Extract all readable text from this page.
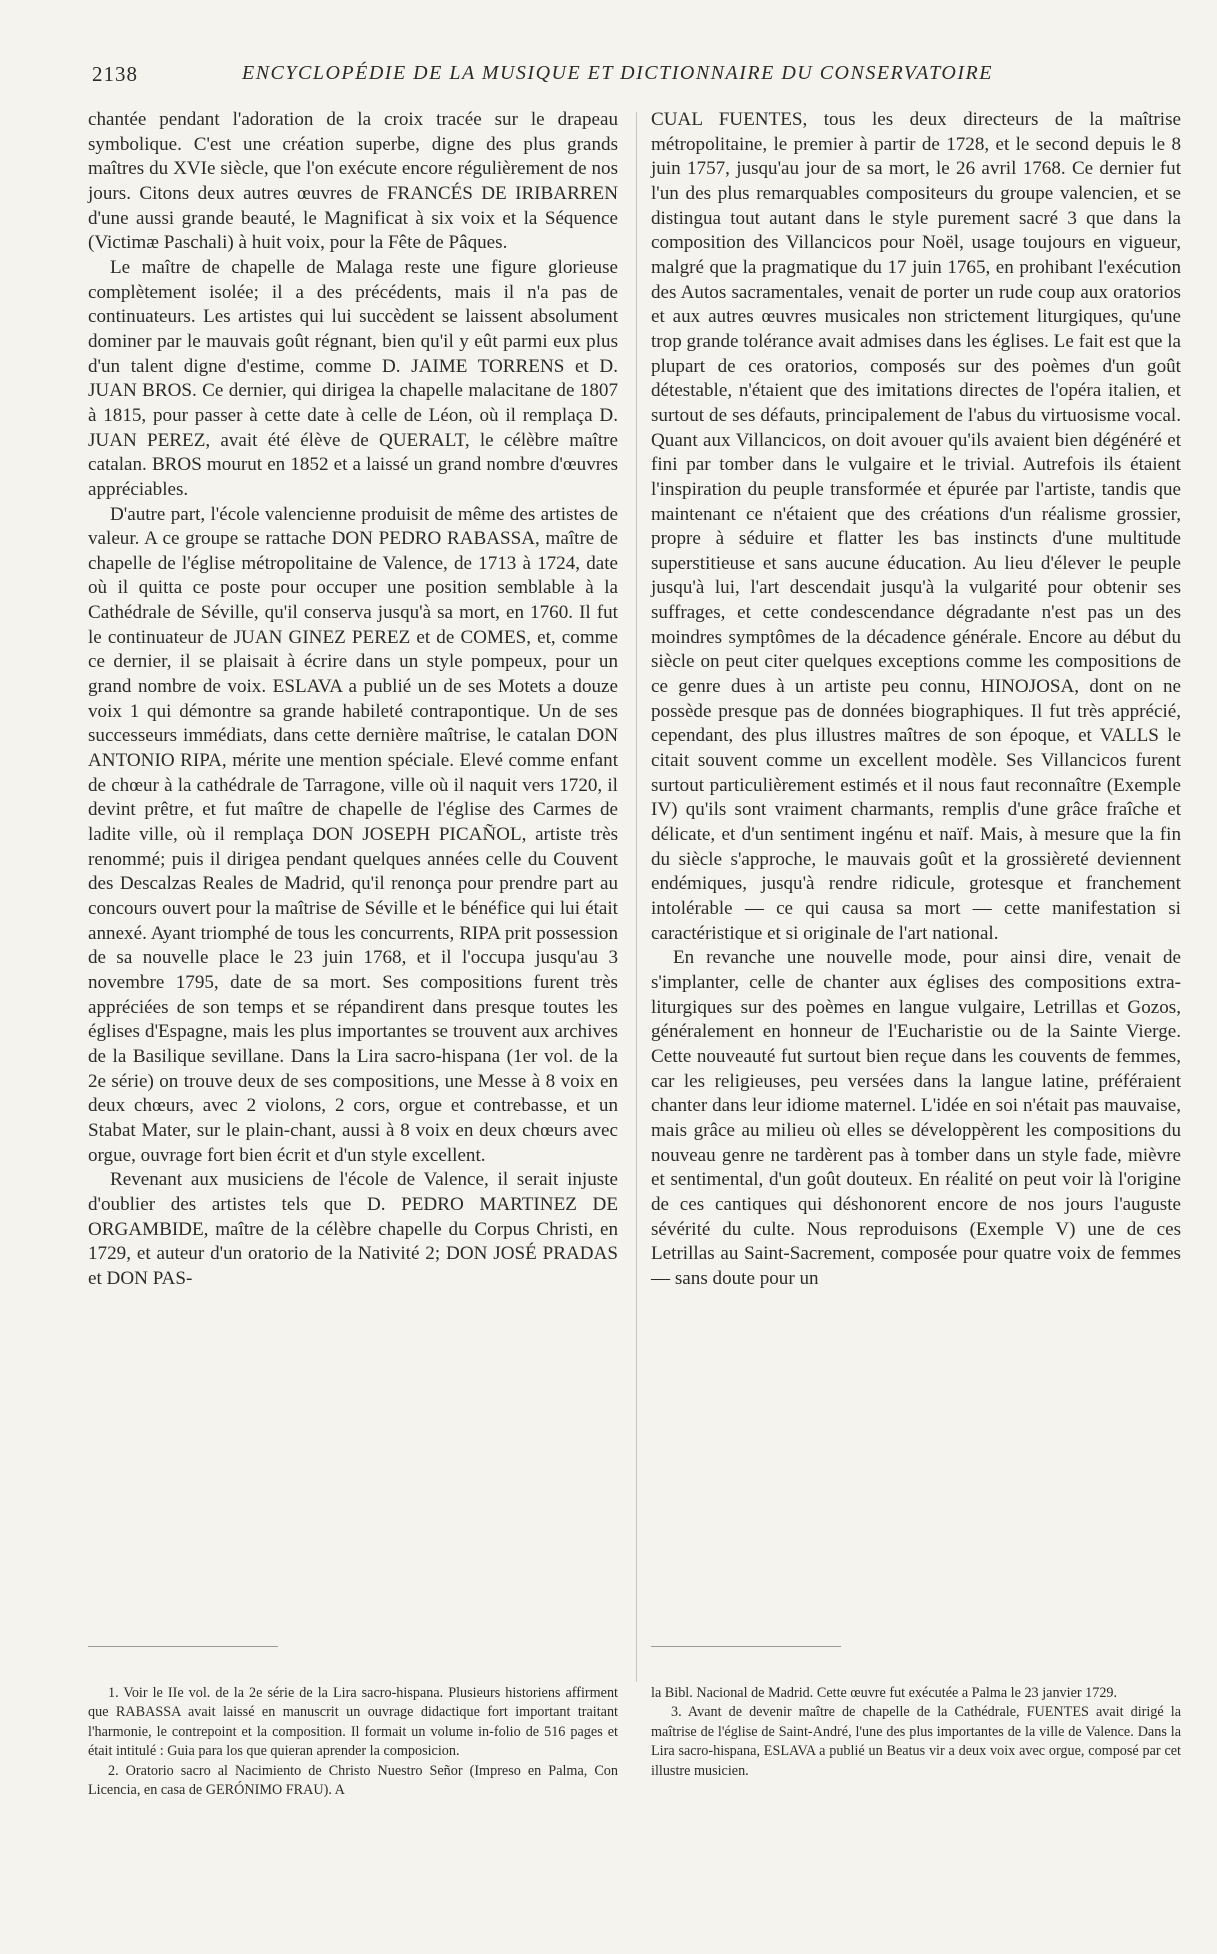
2138	ENCYCLOPÉDIE DE LA MUSIQUE ET DICTIONNAIRE DU CONSERVATOIRE

chantée pendant l'adoration de la croix tracée sur le drapeau symbolique. C'est une création superbe, digne des plus grands maîtres du XVIe siècle, que l'on exécute encore régulièrement de nos jours. Citons deux autres œuvres de FRANCÉS DE IRIBARREN d'une aussi grande beauté, le Magnificat à six voix et la Séquence (Victimæ Paschali) à huit voix, pour la Fête de Pâques.

Le maître de chapelle de Malaga reste une figure glorieuse complètement isolée; il a des précédents, mais il n'a pas de continuateurs. Les artistes qui lui succèdent se laissent absolument dominer par le mauvais goût régnant, bien qu'il y eût parmi eux plus d'un talent digne d'estime, comme D. JAIME TORRENS et D. JUAN BROS. Ce dernier, qui dirigea la chapelle malacitane de 1807 à 1815, pour passer à cette date à celle de Léon, où il remplaça D. JUAN PEREZ, avait été élève de QUERALT, le célèbre maître catalan. BROS mourut en 1852 et a laissé un grand nombre d'œuvres appréciables.

D'autre part, l'école valencienne produisit de même des artistes de valeur. A ce groupe se rattache DON PEDRO RABASSA, maître de chapelle de l'église métropolitaine de Valence, de 1713 à 1724, date où il quitta ce poste pour occuper une position semblable à la Cathédrale de Séville, qu'il conserva jusqu'à sa mort, en 1760. Il fut le continuateur de JUAN GINEZ PEREZ et de COMES, et, comme ce dernier, il se plaisait à écrire dans un style pompeux, pour un grand nombre de voix. ESLAVA a publié un de ses Motets a douze voix 1 qui démontre sa grande habileté contrapontique. Un de ses successeurs immédiats, dans cette dernière maîtrise, le catalan DON ANTONIO RIPA, mérite une mention spéciale. Elevé comme enfant de chœur à la cathédrale de Tarragone, ville où il naquit vers 1720, il devint prêtre, et fut maître de chapelle de l'église des Carmes de ladite ville, où il remplaça DON JOSEPH PICAÑOL, artiste très renommé; puis il dirigea pendant quelques années celle du Couvent des Descalzas Reales de Madrid, qu'il renonça pour prendre part au concours ouvert pour la maîtrise de Séville et le bénéfice qui lui était annexé. Ayant triomphé de tous les concurrents, RIPA prit possession de sa nouvelle place le 23 juin 1768, et il l'occupa jusqu'au 3 novembre 1795, date de sa mort. Ses compositions furent très appréciées de son temps et se répandirent dans presque toutes les églises d'Espagne, mais les plus importantes se trouvent aux archives de la Basilique sevillane. Dans la Lira sacro-hispana (1er vol. de la 2e série) on trouve deux de ses compositions, une Messe à 8 voix en deux chœurs, avec 2 violons, 2 cors, orgue et contrebasse, et un Stabat Mater, sur le plain-chant, aussi à 8 voix en deux chœurs avec orgue, ouvrage fort bien écrit et d'un style excellent.

Revenant aux musiciens de l'école de Valence, il serait injuste d'oublier des artistes tels que D. PEDRO MARTINEZ DE ORGAMBIDE, maître de la célèbre chapelle du Corpus Christi, en 1729, et auteur d'un oratorio de la Nativité 2; DON JOSÉ PRADAS et DON PAS-

CUAL FUENTES, tous les deux directeurs de la maîtrise métropolitaine, le premier à partir de 1728, et le second depuis le 8 juin 1757, jusqu'au jour de sa mort, le 26 avril 1768. Ce dernier fut l'un des plus remarquables compositeurs du groupe valencien, et se distingua tout autant dans le style purement sacré 3 que dans la composition des Villancicos pour Noël, usage toujours en vigueur, malgré que la pragmatique du 17 juin 1765, en prohibant l'exécution des Autos sacramentales, venait de porter un rude coup aux oratorios et aux autres œuvres musicales non strictement liturgiques, qu'une trop grande tolérance avait admises dans les églises. Le fait est que la plupart de ces oratorios, composés sur des poèmes d'un goût détestable, n'étaient que des imitations directes de l'opéra italien, et surtout de ses défauts, principalement de l'abus du virtuosisme vocal. Quant aux Villancicos, on doit avouer qu'ils avaient bien dégénéré et fini par tomber dans le vulgaire et le trivial. Autrefois ils étaient l'inspiration du peuple transformée et épurée par l'artiste, tandis que maintenant ce n'étaient que des créations d'un réalisme grossier, propre à séduire et flatter les bas instincts d'une multitude superstitieuse et sans aucune éducation. Au lieu d'élever le peuple jusqu'à lui, l'art descendait jusqu'à la vulgarité pour obtenir ses suffrages, et cette condescendance dégradante n'est pas un des moindres symptômes de la décadence générale. Encore au début du siècle on peut citer quelques exceptions comme les compositions de ce genre dues à un artiste peu connu, HINOJOSA, dont on ne possède presque pas de données biographiques. Il fut très apprécié, cependant, des plus illustres maîtres de son époque, et VALLS le citait souvent comme un excellent modèle. Ses Villancicos furent surtout particulièrement estimés et il nous faut reconnaître (Exemple IV) qu'ils sont vraiment charmants, remplis d'une grâce fraîche et délicate, et d'un sentiment ingénu et naïf. Mais, à mesure que la fin du siècle s'approche, le mauvais goût et la grossièreté deviennent endémiques, jusqu'à rendre ridicule, grotesque et franchement intolérable — ce qui causa sa mort — cette manifestation si caractéristique et si originale de l'art national.

En revanche une nouvelle mode, pour ainsi dire, venait de s'implanter, celle de chanter aux églises des compositions extra-liturgiques sur des poèmes en langue vulgaire, Letrillas et Gozos, généralement en honneur de l'Eucharistie ou de la Sainte Vierge. Cette nouveauté fut surtout bien reçue dans les couvents de femmes, car les religieuses, peu versées dans la langue latine, préféraient chanter dans leur idiome maternel. L'idée en soi n'était pas mauvaise, mais grâce au milieu où elles se développèrent les compositions du nouveau genre ne tardèrent pas à tomber dans un style fade, mièvre et sentimental, d'un goût douteux. En réalité on peut voir là l'origine de ces cantiques qui déshonorent encore de nos jours l'auguste sévérité du culte. Nous reproduisons (Exemple V) une de ces Letrillas au Saint-Sacrement, composée pour quatre voix de femmes — sans doute pour un

1. Voir le IIe vol. de la 2e série de la Lira sacro-hispana. Plusieurs historiens affirment que RABASSA avait laissé en manuscrit un ouvrage didactique fort important traitant l'harmonie, le contrepoint et la composition. Il formait un volume in-folio de 516 pages et était intitulé : Guia para los que quieran aprender la composicion.

2. Oratorio sacro al Nacimiento de Christo Nuestro Señor (Impreso en Palma, Con Licencia, en casa de GERÓNIMO FRAU). A

la Bibl. Nacional de Madrid. Cette œuvre fut exécutée a Palma le 23 janvier 1729.

3. Avant de devenir maître de chapelle de la Cathédrale, FUENTES avait dirigé la maîtrise de l'église de Saint-André, l'une des plus importantes de la ville de Valence. Dans la Lira sacro-hispana, ESLAVA a publié un Beatus vir a deux voix avec orgue, composé par cet illustre musicien.
